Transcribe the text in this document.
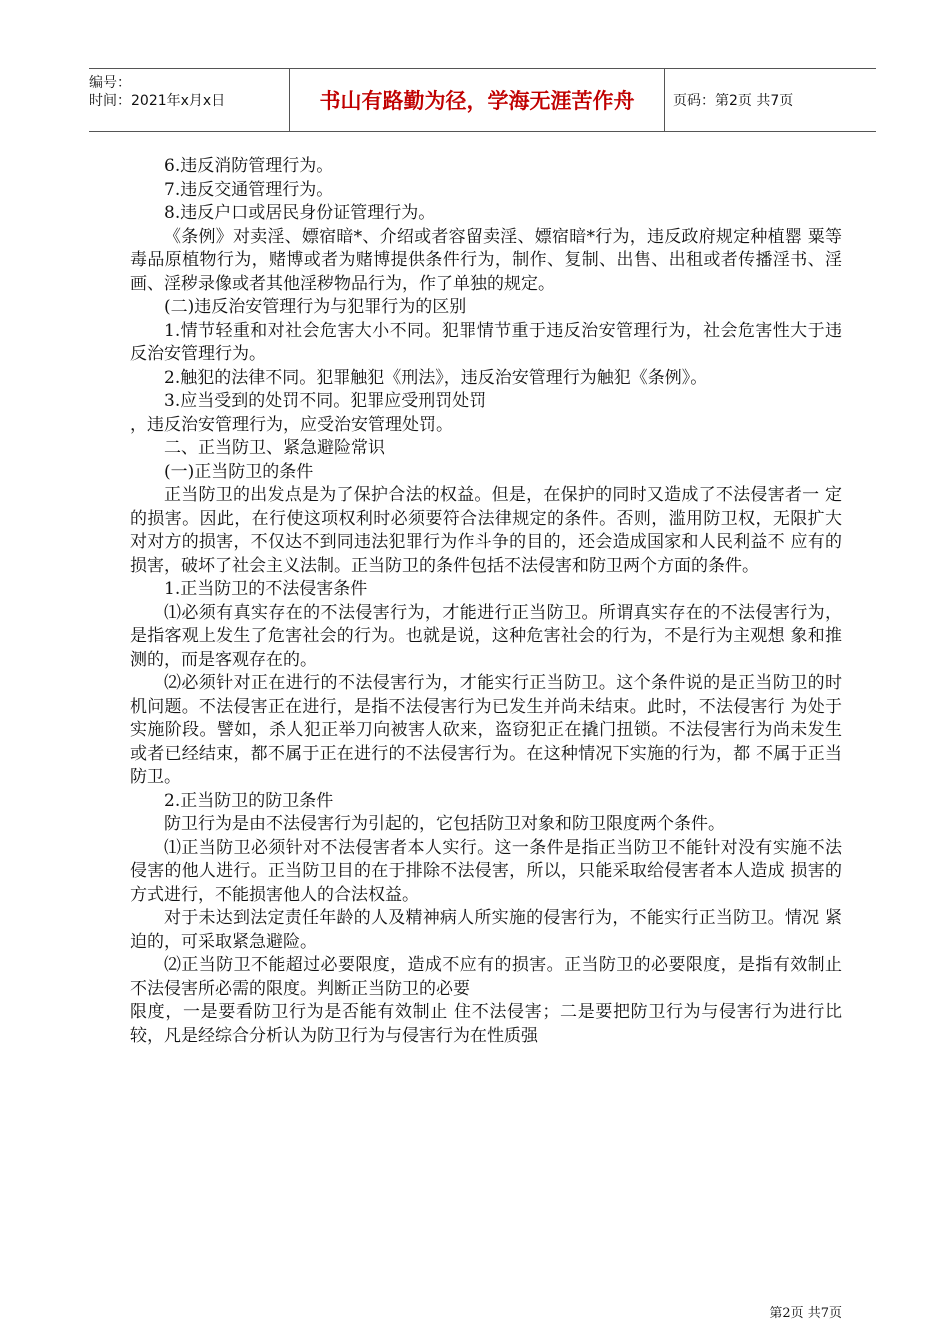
编号：
时间：2021年x月x日	书山有路勤为径，学海无涯苦作舟	页码：第2页 共7页

6.违反消防管理行为。

7.违反交通管理行为。

8.违反户口或居民身份证管理行为。

《条例》对卖淫、嫖宿暗*、介绍或者容留卖淫、嫖宿暗*行为，违反政府规定种植罂 粟等毒品原植物行为，赌博或者为赌博提供条件行为，制作、复制、出售、出租或者传播淫书、淫画、淫秽录像或者其他淫秽物品行为，作了单独的规定。

(二)违反治安管理行为与犯罪行为的区别

1.情节轻重和对社会危害大小不同。犯罪情节重于违反治安管理行为，社会危害性大于违反治安管理行为。

2.触犯的法律不同。犯罪触犯《刑法》，违反治安管理行为触犯《条例》。

3.应当受到的处罚不同。犯罪应受刑罚处罚

，违反治安管理行为，应受治安管理处罚。

二、正当防卫、紧急避险常识

(一)正当防卫的条件

正当防卫的出发点是为了保护合法的权益。但是，在保护的同时又造成了不法侵害者一 定的损害。因此，在行使这项权利时必须要符合法律规定的条件。否则，滥用防卫权，无限扩大对对方的损害，不仅达不到同违法犯罪行为作斗争的目的，还会造成国家和人民利益不 应有的损害，破坏了社会主义法制。正当防卫的条件包括不法侵害和防卫两个方面的条件。

1.正当防卫的不法侵害条件

⑴必须有真实存在的不法侵害行为，才能进行正当防卫。所谓真实存在的不法侵害行为，是指客观上发生了危害社会的行为。也就是说，这种危害社会的行为，不是行为主观想 象和推测的，而是客观存在的。

⑵必须针对正在进行的不法侵害行为，才能实行正当防卫。这个条件说的是正当防卫的时机问题。不法侵害正在进行，是指不法侵害行为已发生并尚未结束。此时，不法侵害行 为处于实施阶段。譬如，杀人犯正举刀向被害人砍来，盗窃犯正在撬门扭锁。不法侵害行为尚未发生或者已经结束，都不属于正在进行的不法侵害行为。在这种情况下实施的行为，都 不属于正当防卫。

2.正当防卫的防卫条件

防卫行为是由不法侵害行为引起的，它包括防卫对象和防卫限度两个条件。

⑴正当防卫必须针对不法侵害者本人实行。这一条件是指正当防卫不能针对没有实施不法侵害的他人进行。正当防卫目的在于排除不法侵害，所以，只能采取给侵害者本人造成 损害的方式进行，不能损害他人的合法权益。

对于未达到法定责任年龄的人及精神病人所实施的侵害行为，不能实行正当防卫。情况 紧迫的，可采取紧急避险。

⑵正当防卫不能超过必要限度，造成不应有的损害。正当防卫的必要限度，是指有效制止不法侵害所必需的限度。判断正当防卫的必要

限度，一是要看防卫行为是否能有效制止 住不法侵害；二是要把防卫行为与侵害行为进行比较，凡是经综合分析认为防卫行为与侵害行为在性质强

第2页 共7页
